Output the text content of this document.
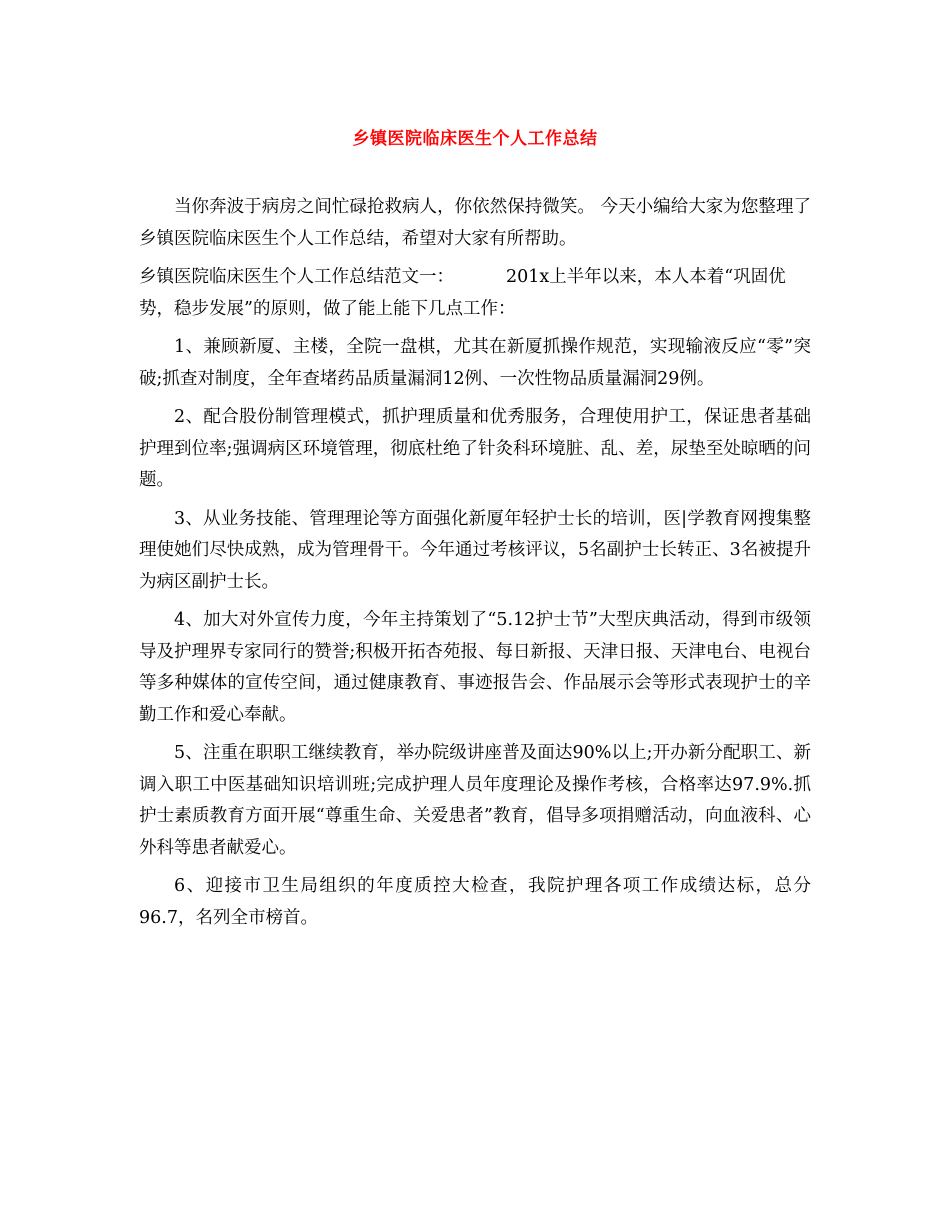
乡镇医院临床医生个人工作总结

当你奔波于病房之间忙碌抢救病人，你依然保持微笑。 今天小编给大家为您整理了乡镇医院临床医生个人工作总结，希望对大家有所帮助。

乡镇医院临床医生个人工作总结范文一：	201x上半年以来，本人本着“巩固优势，稳步发展”的原则，做了能上能下几点工作：

1、兼顾新厦、主楼，全院一盘棋，尤其在新厦抓操作规范，实现输液反应“零”突破;抓查对制度，全年查堵药品质量漏洞12例、一次性物品质量漏洞29例。

2、配合股份制管理模式，抓护理质量和优秀服务，合理使用护工，保证患者基础护理到位率;强调病区环境管理，彻底杜绝了针灸科环境脏、乱、差，尿垫至处晾晒的问题。

3、从业务技能、管理理论等方面强化新厦年轻护士长的培训，医|学教育网搜集整理使她们尽快成熟，成为管理骨干。今年通过考核评议，5名副护士长转正、3名被提升为病区副护士长。

4、加大对外宣传力度，今年主持策划了“5.12护士节”大型庆典活动，得到市级领导及护理界专家同行的赞誉;积极开拓杏苑报、每日新报、天津日报、天津电台、电视台等多种媒体的宣传空间，通过健康教育、事迹报告会、作品展示会等形式表现护士的辛勤工作和爱心奉献。

5、注重在职职工继续教育，举办院级讲座普及面达90%以上;开办新分配职工、新调入职工中医基础知识培训班;完成护理人员年度理论及操作考核，合格率达97.9%.抓护士素质教育方面开展“尊重生命、关爱患者”教育，倡导多项捐赠活动，向血液科、心外科等患者献爱心。

6、迎接市卫生局组织的年度质控大检查，我院护理各项工作成绩达标，总分96.7，名列全市榜首。
